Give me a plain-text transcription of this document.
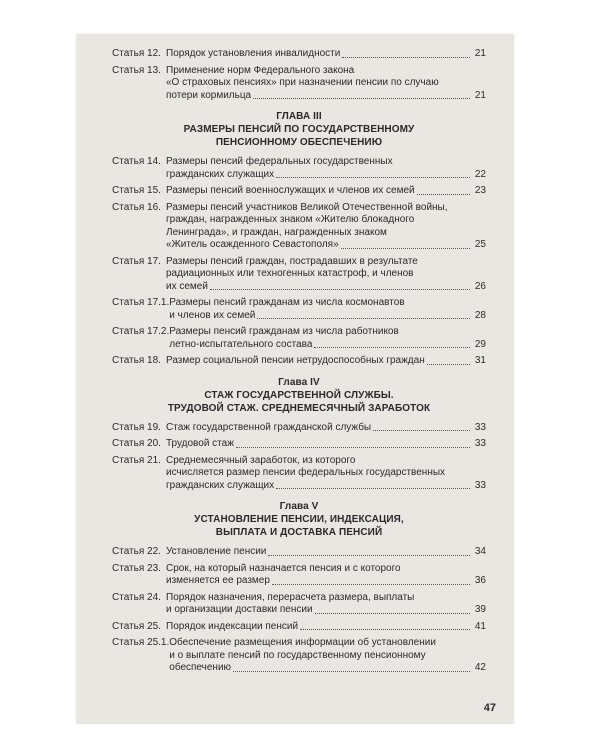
Статья 12. Порядок установления инвалидности	21
Статья 13. Применение норм Федерального закона
«О страховых пенсиях» при назначении пенсии по случаю
потери кормильца	21
ГЛАВА III
РАЗМЕРЫ ПЕНСИЙ ПО ГОСУДАРСТВЕННОМУ
ПЕНСИОННОМУ ОБЕСПЕЧЕНИЮ
Статья 14. Размеры пенсий федеральных государственных
гражданских служащих	22
Статья 15. Размеры пенсий военнослужащих и членов их семей	23
Статья 16. Размеры пенсий участников Великой Отечественной войны,
граждан, награжденных знаком «Жителю блокадного
Ленинграда», и граждан, награжденных знаком
«Житель осажденного Севастополя»	25
Статья 17. Размеры пенсий граждан, пострадавших в результате
радиационных или техногенных катастроф, и членов
их семей	26
Статья 17.1. Размеры пенсий гражданам из числа космонавтов
и членов их семей	28
Статья 17.2. Размеры пенсий гражданам из числа работников
летно-испытательного состава	29
Статья 18. Размер социальной пенсии нетрудоспособных граждан	31
Глава IV
СТАЖ ГОСУДАРСТВЕННОЙ СЛУЖБЫ.
ТРУДОВОЙ СТАЖ. СРЕДНЕМЕСЯЧНЫЙ ЗАРАБОТОК
Статья 19. Стаж государственной гражданской службы	33
Статья 20. Трудовой стаж	33
Статья 21. Среднемесячный заработок, из которого
исчисляется размер пенсии федеральных государственных
гражданских служащих	33
Глава V
УСТАНОВЛЕНИЕ ПЕНСИИ, ИНДЕКСАЦИЯ,
ВЫПЛАТА И ДОСТАВКА ПЕНСИЙ
Статья 22. Установление пенсии	34
Статья 23. Срок, на который назначается пенсия и с которого
изменяется ее размер	36
Статья 24. Порядок назначения, перерасчета размера, выплаты
и организации доставки пенсии	39
Статья 25. Порядок индексации пенсий	41
Статья 25.1. Обеспечение размещения информации об установлении
и о выплате пенсий по государственному пенсионному
обеспечению	42
47
